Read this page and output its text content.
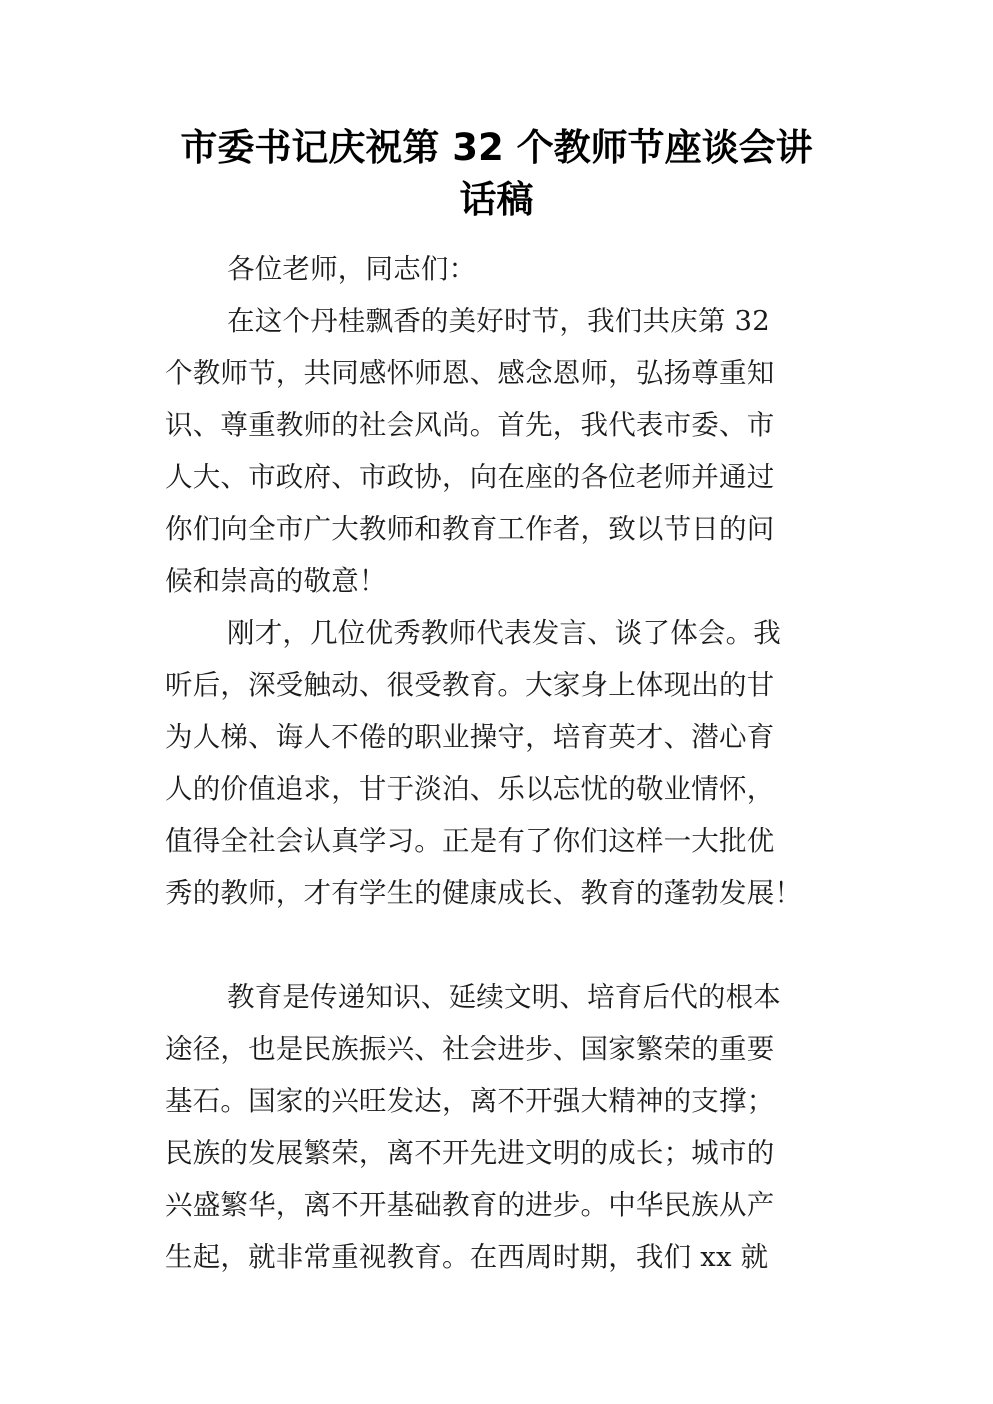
市委书记庆祝第 32 个教师节座谈会讲
话稿
各位老师，同志们：
在这个丹桂飘香的美好时节，我们共庆第 32
个教师节，共同感怀师恩、感念恩师，弘扬尊重知
识、尊重教师的社会风尚。首先，我代表市委、市
人大、市政府、市政协，向在座的各位老师并通过
你们向全市广大教师和教育工作者，致以节日的问
候和崇高的敬意！
刚才，几位优秀教师代表发言、谈了体会。我
听后，深受触动、很受教育。大家身上体现出的甘
为人梯、诲人不倦的职业操守，培育英才、潜心育
人的价值追求，甘于淡泊、乐以忘忧的敬业情怀，
值得全社会认真学习。正是有了你们这样一大批优
秀的教师，才有学生的健康成长、教育的蓬勃发展！
教育是传递知识、延续文明、培育后代的根本
途径，也是民族振兴、社会进步、国家繁荣的重要
基石。国家的兴旺发达，离不开强大精神的支撑；
民族的发展繁荣，离不开先进文明的成长；城市的
兴盛繁华，离不开基础教育的进步。中华民族从产
生起，就非常重视教育。在西周时期，我们 xx 就
